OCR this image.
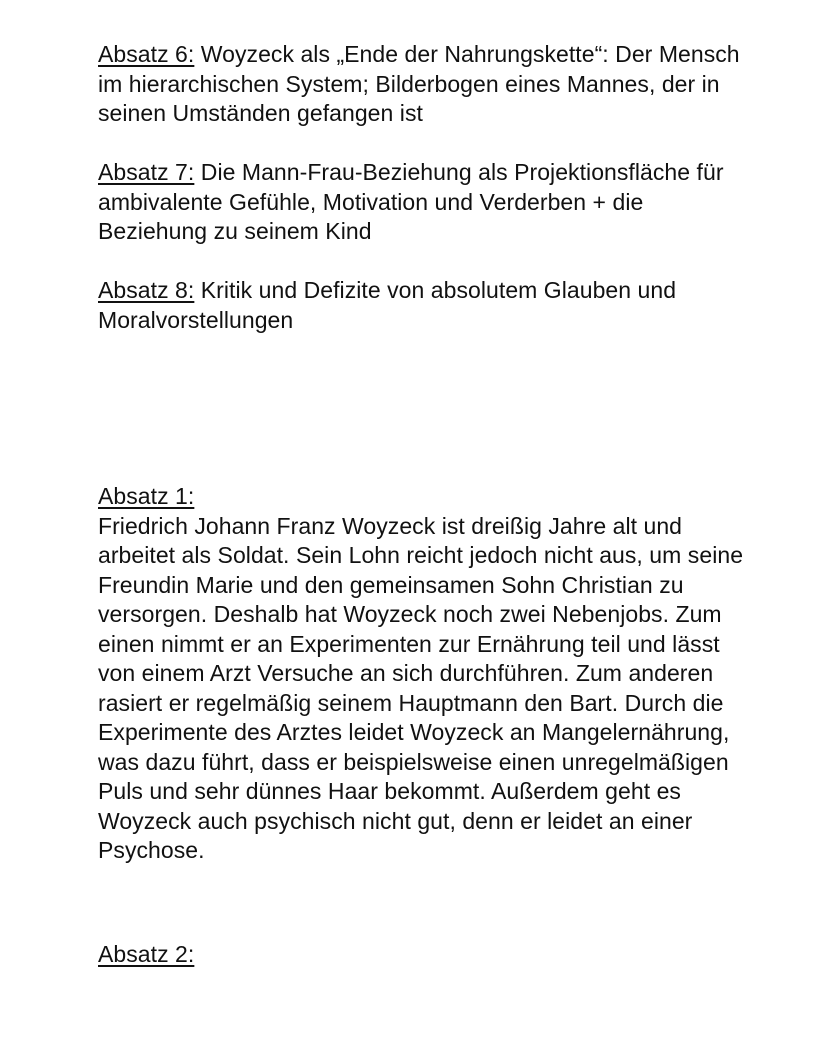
Absatz 6: Woyzeck als „Ende der Nahrungskette“: Der Mensch im hierarchischen System; Bilderbogen eines Mannes, der in seinen Umständen gefangen ist

Absatz 7: Die Mann-Frau-Beziehung als Projektionsfläche für ambivalente Gefühle, Motivation und Verderben + die Beziehung zu seinem Kind

Absatz 8: Kritik und Defizite von absolutem Glauben und Moralvorstellungen

Absatz 1:

Friedrich Johann Franz Woyzeck ist dreißig Jahre alt und arbeitet als Soldat. Sein Lohn reicht jedoch nicht aus, um seine Freundin Marie und den gemeinsamen Sohn Christian zu versorgen. Deshalb hat Woyzeck noch zwei Nebenjobs. Zum einen nimmt er an Experimenten zur Ernährung teil und lässt von einem Arzt Versuche an sich durchführen. Zum anderen rasiert er regelmäßig seinem Hauptmann den Bart. Durch die Experimente des Arztes leidet Woyzeck an Mangelernährung, was dazu führt, dass er beispielsweise einen unregelmäßigen Puls und sehr dünnes Haar bekommt. Außerdem geht es Woyzeck auch psychisch nicht gut, denn er leidet an einer Psychose.

Absatz 2:
